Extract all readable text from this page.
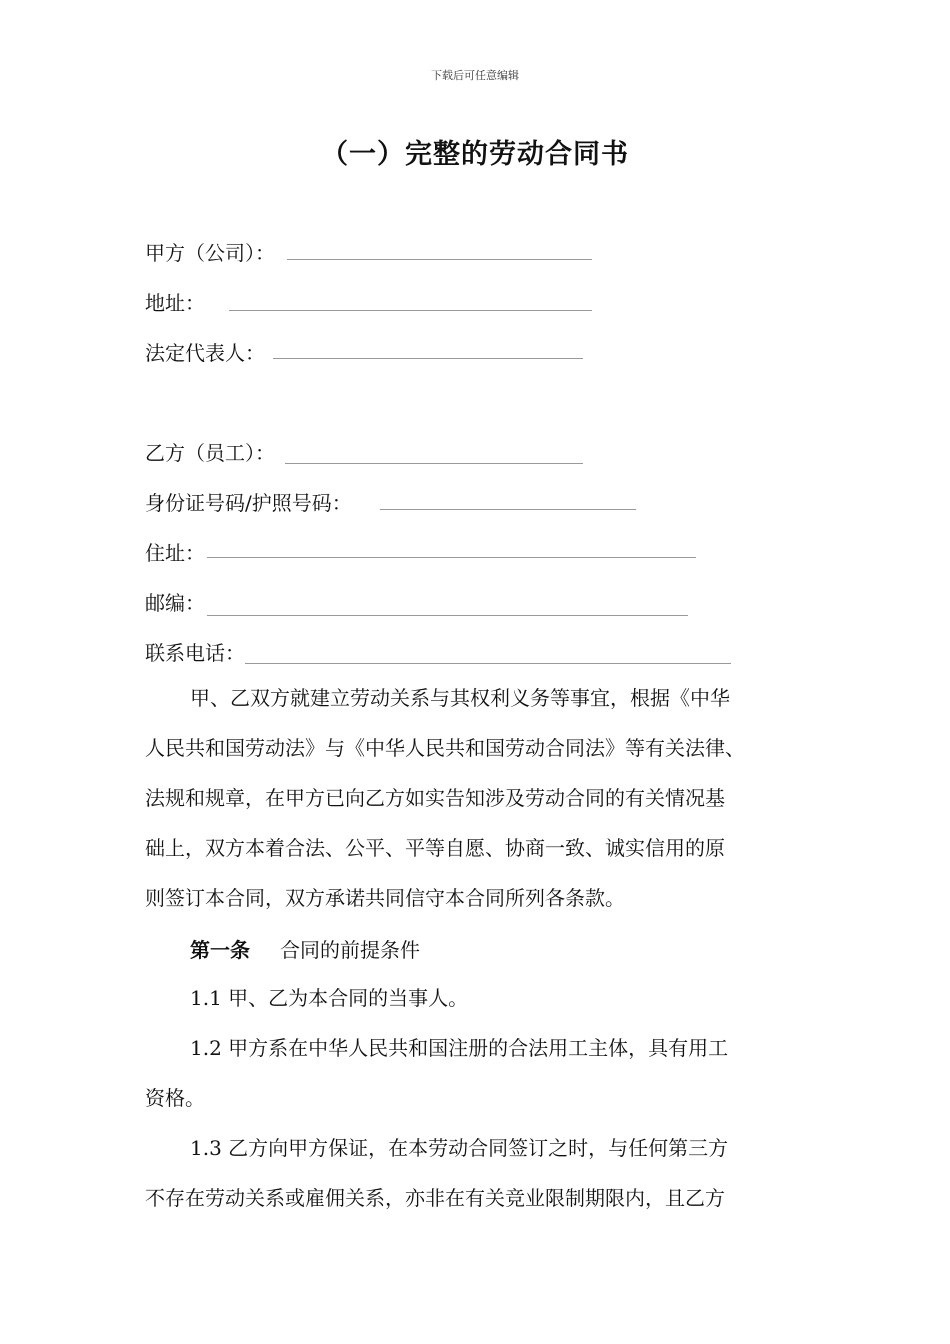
下载后可任意编辑
（一）完整的劳动合同书
甲方（公司）：
地址：
法定代表人：
乙方（员工）：
身份证号码/护照号码：
住址：
邮编：
联系电话：

甲、乙双方就建立劳动关系与其权利义务等事宜，根据《中华

人民共和国劳动法》与《中华人民共和国劳动合同法》等有关法律、

法规和规章，在甲方已向乙方如实告知涉及劳动合同的有关情况基

础上，双方本着合法、公平、平等自愿、协商一致、诚实信用的原

则签订本合同，双方承诺共同信守本合同所列各条款。

第一条 合同的前提条件

1.1 甲、乙为本合同的当事人。

1.2 甲方系在中华人民共和国注册的合法用工主体，具有用工

资格。

1.3 乙方向甲方保证，在本劳动合同签订之时，与任何第三方

不存在劳动关系或雇佣关系，亦非在有关竞业限制期限内，且乙方
